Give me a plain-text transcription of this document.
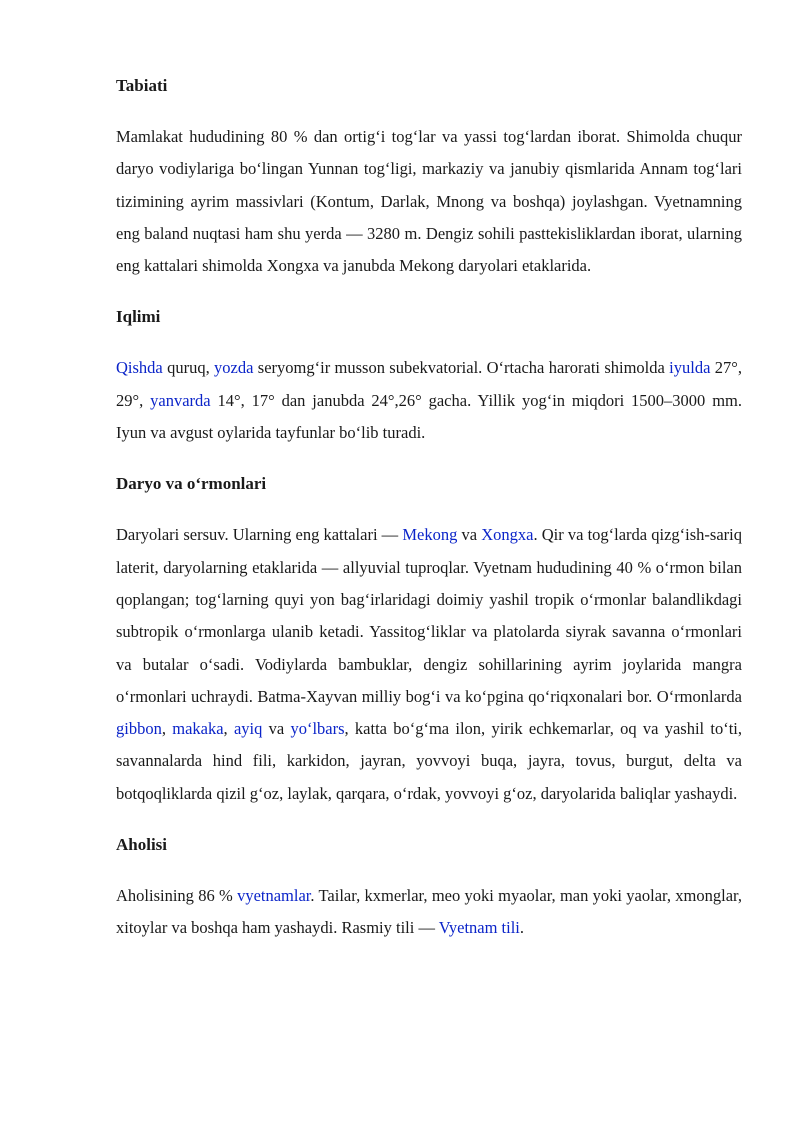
Tabiati

Mamlakat hududining 80 % dan ortig‘i tog‘lar va yassi tog‘lardan iborat. Shimolda chuqur daryo vodiylariga bo‘lingan Yunnan tog‘ligi, markaziy va janubiy qismlarida Annam tog‘lari tizimining ayrim massivlari (Kontum, Darlak, Mnong va boshqa) joylashgan. Vyetnamning eng baland nuqtasi ham shu yerda — 3280 m. Dengiz sohili pasttekisliklardan iborat, ularning eng kattalari shimolda Xongxa va janubda Mekong daryolari etaklarida.

Iqlimi

Qishda quruq, yozda seryomg‘ir musson subekvatorial. O‘rtacha harorati shimolda iyulda 27°, 29°, yanvarda 14°, 17° dan janubda 24°,26° gacha. Yillik yog‘in miqdori 1500–3000 mm. Iyun va avgust oylarida tayfunlar bo‘lib turadi.

Daryo va o‘rmonlari

Daryolari sersuv. Ularning eng kattalari — Mekong va Xongxa. Qir va tog‘larda qizg‘ish-sariq laterit, daryolarning etaklarida — allyuvial tuproqlar. Vyetnam hududining 40 % o‘rmon bilan qoplangan; tog‘larning quyi yon bag‘irlaridagi doimiy yashil tropik o‘rmonlar balandlikdagi subtropik o‘rmonlarga ulanib ketadi. Yassitog‘liklar va platolarda siyrak savanna o‘rmonlari va butalar o‘sadi. Vodiylarda bambuklar, dengiz sohillarining ayrim joylarida mangra o‘rmonlari uchraydi. Batma-Xayvan milliy bog‘i va ko‘pgina qo‘riqxonalari bor. O‘rmonlarda gibbon, makaka, ayiq va yo‘lbars, katta bo‘g‘ma ilon, yirik echkemarlar, oq va yashil to‘ti, savannalarda hind fili, karkidon, jayran, yovvoyi buqa, jayra, tovus, burgut, delta va botqoqliklarda qizil g‘oz, laylak, qarqara, o‘rdak, yovvoyi g‘oz, daryolarida baliqlar yashaydi.

Aholisi

Aholisining 86 % vyetnamlar. Tailar, kxmerlar, meo yoki myaolar, man yoki yaolar, xmonglar, xitoylar va boshqa ham yashaydi. Rasmiy tili — Vyetnam tili.
